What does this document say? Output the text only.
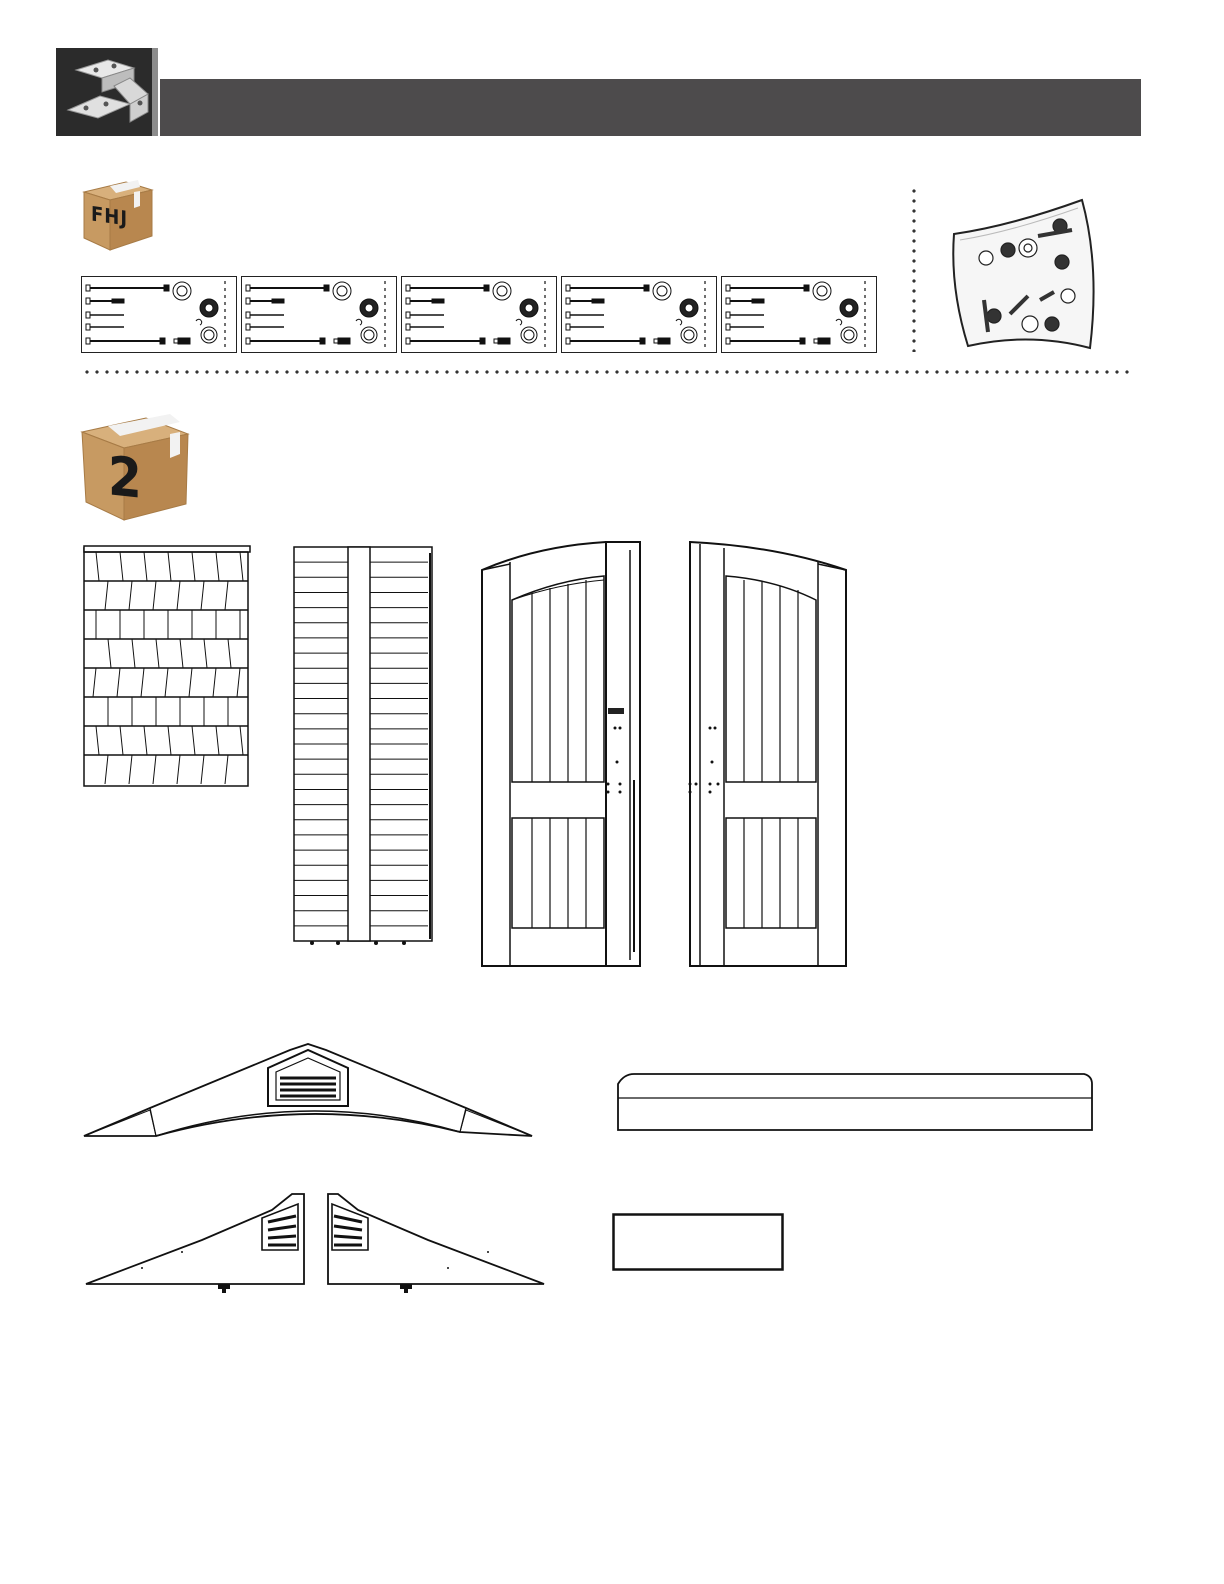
FHJ
2
